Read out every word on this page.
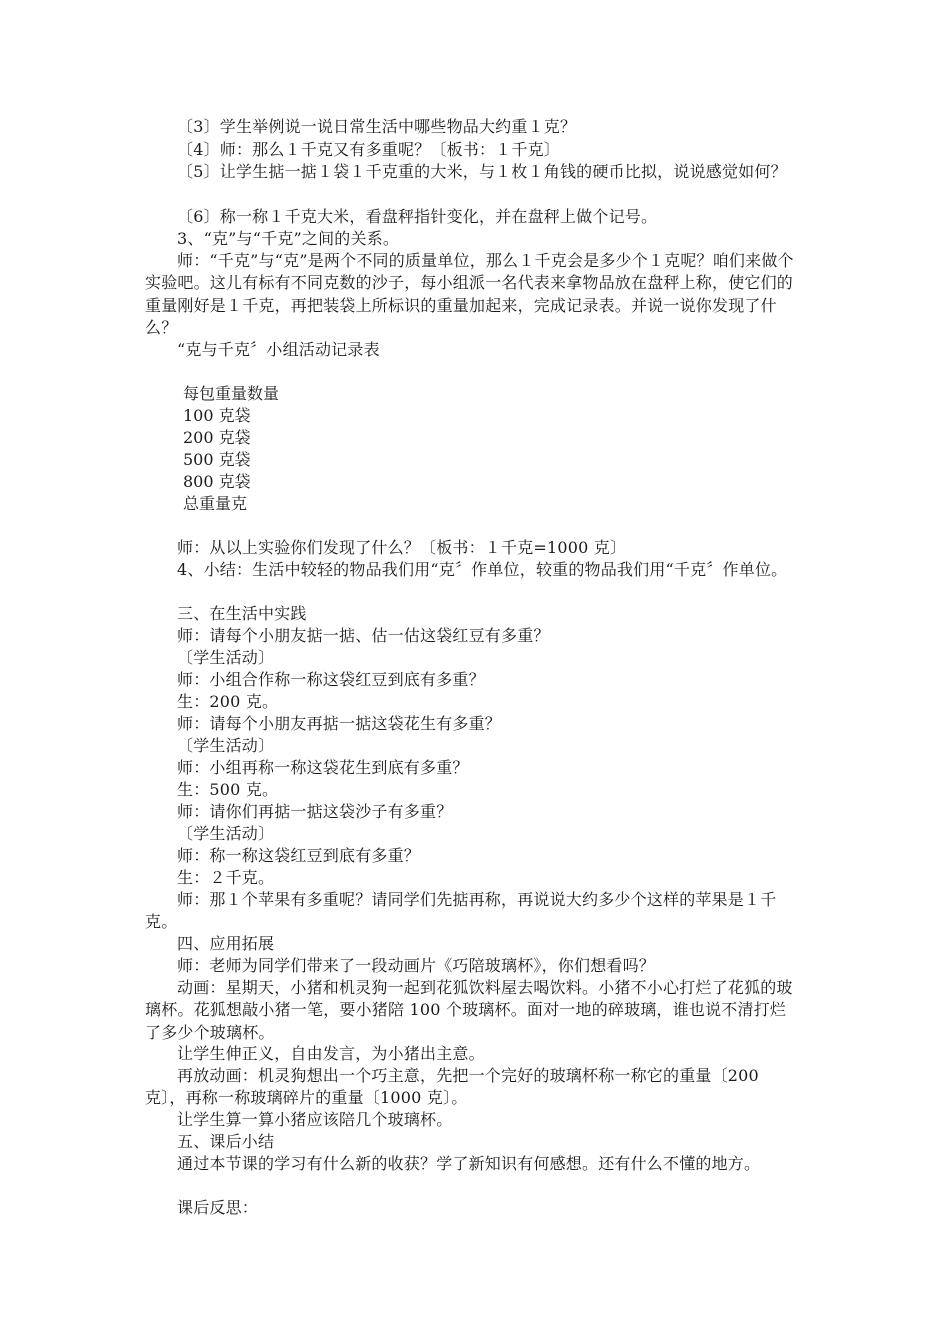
〔3〕学生举例说一说日常生活中哪些物品大约重１克？

〔4〕师：那么１千克又有多重呢？〔板书：１千克〕

〔5〕让学生掂一掂１袋１千克重的大米，与１枚１角钱的硬币比拟，说说感觉如何？

〔6〕称一称１千克大米，看盘秤指针变化，并在盘秤上做个记号。

3、“克”与“千克”之间的关系。

师：“千克”与“克”是两个不同的质量单位，那么１千克会是多少个１克呢？咱们来做个实验吧。这儿有标有不同克数的沙子，每小组派一名代表来拿物品放在盘秤上称，使它们的重量刚好是１千克，再把装袋上所标识的重量加起来，完成记录表。并说一说你发现了什么？

“克与千克〞小组活动记录表

每包重量数量

100 克袋

200 克袋

500 克袋

800 克袋

总重量克

师：从以上实验你们发现了什么？〔板书：１千克=1000 克〕

4、小结：生活中较轻的物品我们用“克〞作单位，较重的物品我们用“千克〞作单位。

三、在生活中实践

师：请每个小朋友掂一掂、估一估这袋红豆有多重？

〔学生活动〕

师：小组合作称一称这袋红豆到底有多重？

生：200 克。

师：请每个小朋友再掂一掂这袋花生有多重？

〔学生活动〕

师：小组再称一称这袋花生到底有多重？

生：500 克。

师：请你们再掂一掂这袋沙子有多重？

〔学生活动〕

师：称一称这袋红豆到底有多重？

生：２千克。

师：那１个苹果有多重呢？请同学们先掂再称，再说说大约多少个这样的苹果是１千克。

四、应用拓展

师：老师为同学们带来了一段动画片《巧陪玻璃杯》，你们想看吗？

动画：星期天，小猪和机灵狗一起到花狐饮料屋去喝饮料。小猪不小心打烂了花狐的玻璃杯。花狐想敲小猪一笔，要小猪陪 100 个玻璃杯。面对一地的碎玻璃，谁也说不清打烂了多少个玻璃杯。

让学生伸正义，自由发言，为小猪出主意。

再放动画：机灵狗想出一个巧主意，先把一个完好的玻璃杯称一称它的重量〔200 克〕，再称一称玻璃碎片的重量〔1000 克〕。

让学生算一算小猪应该陪几个玻璃杯。

五、课后小结

通过本节课的学习有什么新的收获？学了新知识有何感想。还有什么不懂的地方。

课后反思：
